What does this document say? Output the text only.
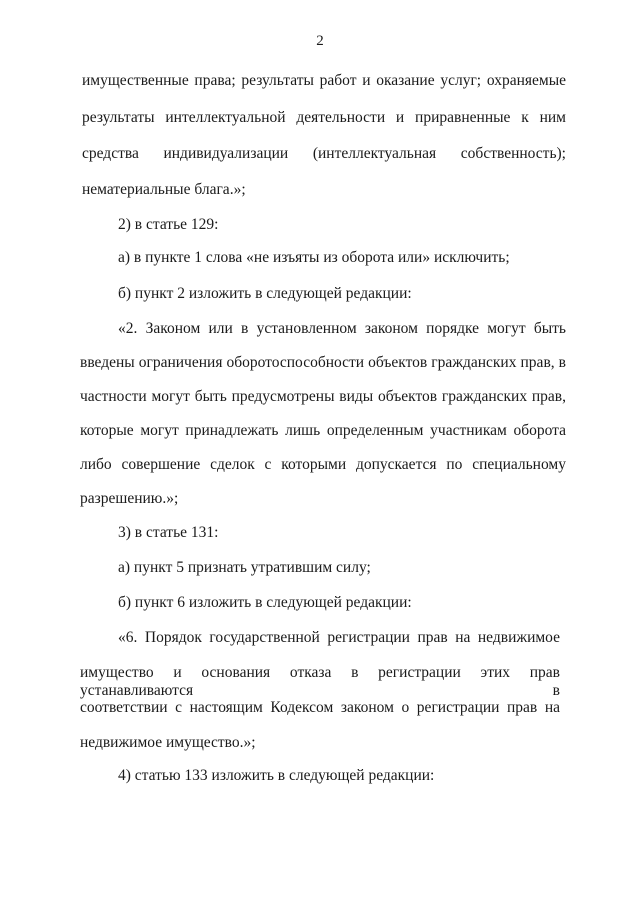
2
имущественные права; результаты работ и оказание услуг; охраняемые
результаты интеллектуальной деятельности и приравненные к ним
средства индивидуализации (интеллектуальная собственность);
нематериальные блага.»;
2) в статье 129:
а) в пункте 1 слова «не изъяты из оборота или» исключить;
б) пункт 2 изложить в следующей редакции:
«2. Законом или в установленном законом порядке могут быть
введены ограничения оборотоспособности объектов гражданских прав, в
частности могут быть предусмотрены виды объектов гражданских прав,
которые могут принадлежать лишь определенным участникам оборота
либо совершение сделок с которыми допускается по специальному
разрешению.»;
3) в статье 131:
а) пункт 5 признать утратившим силу;
б) пункт 6 изложить в следующей редакции:
«6. Порядок государственной регистрации прав на недвижимое
имущество и основания отказа в регистрации этих прав устанавливаются в
соответствии с настоящим Кодексом законом о регистрации прав на
недвижимое имущество.»;
4) статью 133 изложить в следующей редакции:
